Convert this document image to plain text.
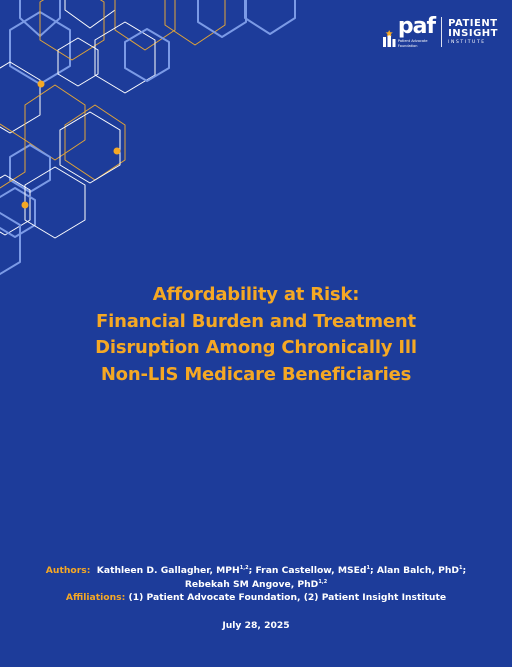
paf
Patient Advocate
Foundation
PATIENT
INSIGHT
INSTITUTE
Affordability at Risk:
Financial Burden and Treatment
Disruption Among Chronically Ill
Non-LIS Medicare Beneficiaries
Authors: Kathleen D. Gallagher, MPH$^{1,2}$; Fran Castellow, MSEd$^1$; Alan Balch, PhD$^1$;
Rebekah SM Angove, PhD$^{1,2}$
Affiliations: (1) Patient Advocate Foundation, (2) Patient Insight Institute
July 28, 2025
